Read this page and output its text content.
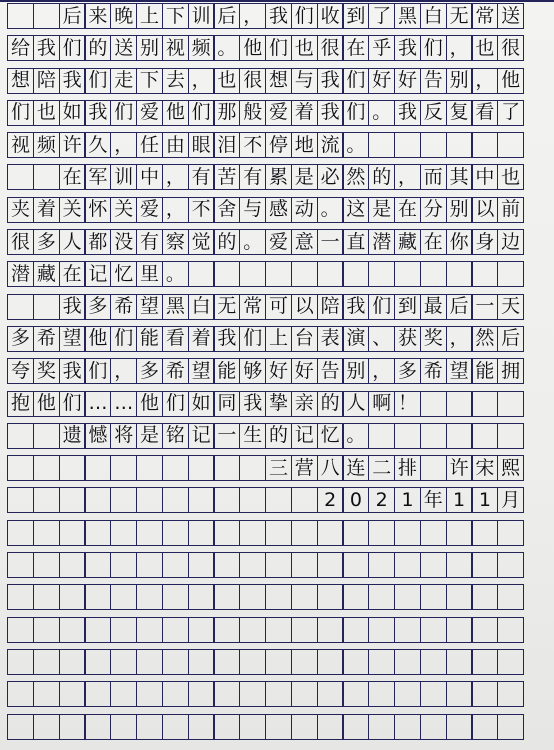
后 来 晚 上 下 训 后 ， 我 们 收 到 了 黑 白 无 常 送
给 我 们 的 送 别 视 频 。 他 们 也 很 在 乎 我 们 ， 也 很
想 陪 我 们 走 下 去 ， 也 很 想 与 我 们 好 好 告 别 ， 他
们 也 如 我 们 爱 他 们 那 般 爱 着 我 们 。 我 反 复 看 了
视 频 许 久 ， 任 由 眼 泪 不 停 地 流 。
在 军 训 中 ， 有 苦 有 累 是 必 然 的 ， 而 其 中 也
夹 着 关 怀 关 爱 ， 不 舍 与 感 动 。 这 是 在 分 别 以 前
很 多 人 都 没 有 察 觉 的 。 爱 意 一 直 潜 藏 在 你 身 边
潜 藏 在 记 忆 里 。
我 多 希 望 黑 白 无 常 可 以 陪 我 们 到 最 后 一 天
多 希 望 他 们 能 看 着 我 们 上 台 表 演 、 获 奖 ， 然 后
夸 奖 我 们 ， 多 希 望 能 够 好 好 告 别 ， 多 希 望 能 拥
抱 他 们 … … 他 们 如 同 我 挚 亲 的 人 啊 ！
遗 憾 将 是 铭 记 一 生 的 记 忆 。
三 营 八 连 二 排 许 宋 熙
2 0 2 1 年 1 1 月
